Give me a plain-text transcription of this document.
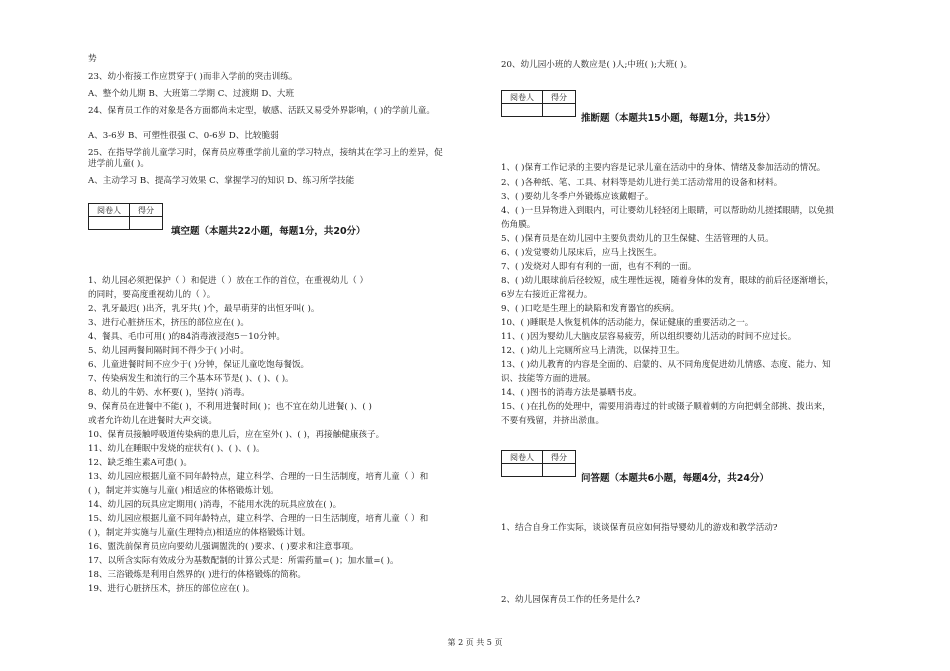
势
23、幼小衔接工作应贯穿于( )而非入学前的突击训练。
A、整个幼儿期 B、大班第二学期 C、过渡期 D、大班
24、保育员工作的对象是各方面都尚未定型，敏感、活跃又易受外界影响，( )的学前儿童。
A、3-6岁 B、可塑性很强 C、0-6岁 D、比较脆弱
25、在指导学前儿童学习时，保育员应尊重学前儿童的学习特点，接纳其在学习上的差异，促
进学前儿童( )。
A、主动学习 B、提高学习效果 C、掌握学习的知识 D、练习所学技能
阅卷人	得分

填空题（本题共22小题，每题1分，共20分）
1、幼儿园必须把保护（ ）和促进（ ）放在工作的首位，在重视幼儿（ ）
的同时，要高度重视幼儿的（ ）。
2、乳牙最迟( )出齐，乳牙共( )个，最早萌芽的出恒牙叫( )。
3、进行心脏挤压术，挤压的部位应在( )。
4、餐具、毛巾可用( )的84消毒液浸泡5－10分钟。
5、幼儿园两餐间隔时间不得少于( )小时。
6、儿童进餐时间不应少于( )分钟，保证儿童吃饱每餐饭。
7、传染病发生和流行的三个基本环节是( )、( )、( )。
8、幼儿的牛奶、水杯要( )，坚持( )消毒。
9、保育员在进餐中不能( )，不利用进餐时间( )；也不宜在幼儿进餐( )、( )
或者允许幼儿在进餐时大声交谈。
10、保育员接触呼吸道传染病的患儿后，应在室外( )、( )，再接触健康孩子。
11、幼儿在睡眠中发烧的症状有( )、( )、( )。
12、缺乏维生素A可患( )。
13、幼儿园应根据儿童不同年龄特点，建立科学、合理的一日生活制度，培育儿童（ ）和
( )，制定并实施与儿童( )相适应的体格锻炼计划。
14、幼儿园的玩具应定期用( )消毒，不能用水洗的玩具应放在( )。
15、幼儿园应根据儿童不同年龄特点，建立科学、合理的一日生活制度，培育儿童（ ）和
( )，制定并实施与儿童(生理特点)相适应的体格锻炼计划。
16、盥洗前保育员应向要幼儿强调盥洗的( )要求、( )要求和注意事项。
17、以所含实际有效成分为基数配制的计算公式是：所需药量=( )；加水量=( )。
18、三浴锻炼是利用自然界的( )进行的体格锻炼的简称。
19、进行心脏挤压术，挤压的部位应在( )。
20、幼儿园小班的人数应是( )人;中班( );大班( )。
阅卷人	得分

推断题（本题共15小题，每题1分，共15分）
1、( )保育工作记录的主要内容是记录儿童在活动中的身体、情绪及参加活动的情况。
2、( )各种纸、笔、工具、材料等是幼儿进行美工活动常用的设备和材料。
3、( )要幼儿冬季户外锻炼应该戴帽子。
4、( )一旦异物进入到眼内，可让婴幼儿轻轻闭上眼睛，可以帮助幼儿搓揉眼睛，以免损
伤角膜。
5、( )保育员是在幼儿园中主要负责幼儿的卫生保健、生活管理的人员。
6、( )发觉婴幼儿尿床后，应马上找医生。
7、( )发烧对人即有有利的一面，也有不利的一面。
8、( )幼儿眼球前后径较短，成生理性远视，随着身体的发育，眼球的前后径逐渐增长，
6岁左右接近正常视力。
9、( )口吃是生理上的缺陷和发育器官的疾病。
10、( )睡眠是人恢复机体的活动能力，保证健康的重要活动之一。
11、( )因为婴幼儿大脑皮层容易疲劳，所以组织婴幼儿活动的时间不应过长。
12、( )幼儿上完厕所应马上清洗，以保持卫生。
13、( )幼儿教育的内容是全面的、启蒙的、从不同角度促进幼儿情感、态度、能力、知
识、技能等方面的进展。
14、( )图书的消毒方法是暴晒书皮。
15、( )在扎伤的处理中，需要用消毒过的针或镊子顺着刺的方向把刺全部挑、拨出来，
不要有残留，并挤出淤血。
阅卷人	得分

问答题（本题共6小题，每题4分，共24分）
1、结合自身工作实际，谈谈保育员应如何指导婴幼儿的游戏和教学活动?
2、幼儿园保育员工作的任务是什么?
第 2 页 共 5 页
